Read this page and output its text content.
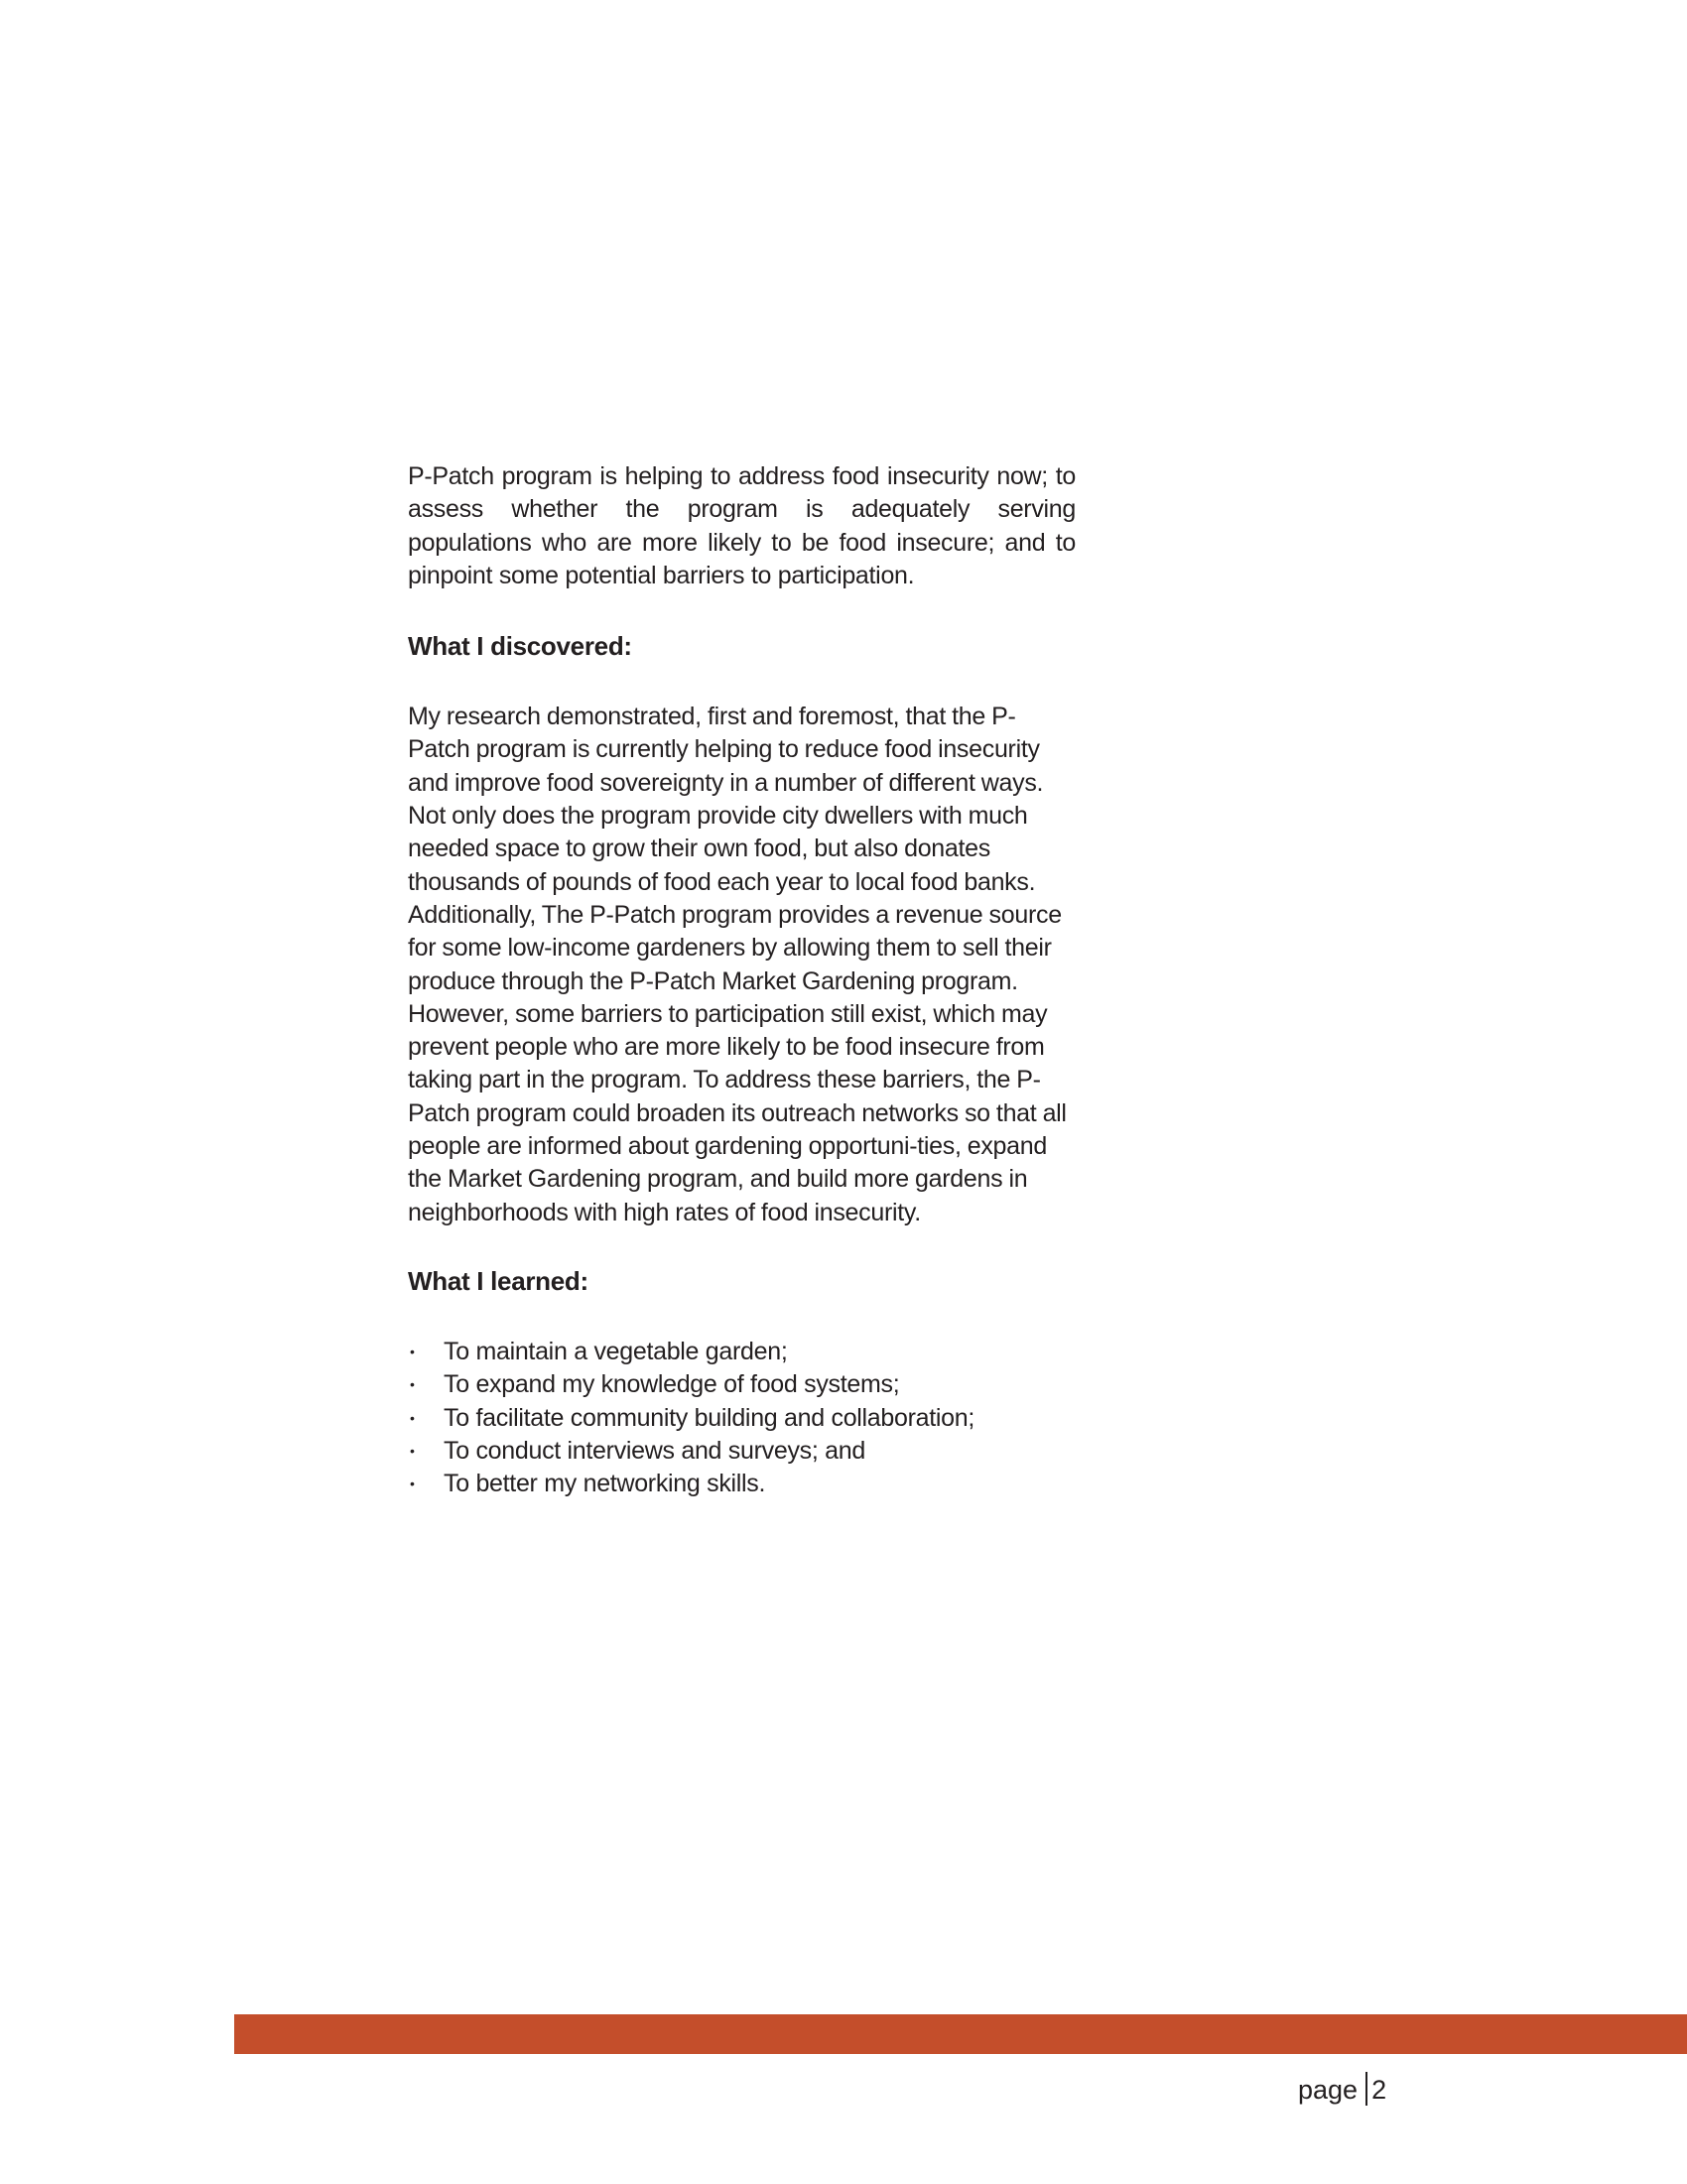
P-Patch program is helping to address food insecurity now; to assess whether the program is adequately serving populations who are more likely to be food insecure; and to pinpoint some potential barriers to participation.

What I discovered:

My research demonstrated, first and foremost, that the P-Patch program is currently helping to reduce food insecurity and improve food sovereignty in a number of different ways. Not only does the program provide city dwellers with much needed space to grow their own food, but also donates thousands of pounds of food each year to local food banks. Additionally, The P-Patch program provides a revenue source for some low-income gardeners by allowing them to sell their produce through the P-Patch Market Gardening program. However, some barriers to participation still exist, which may prevent people who are more likely to be food insecure from taking part in the program. To address these barriers, the P-Patch program could broaden its outreach networks so that all people are informed about gardening opportuni-ties, expand the Market Gardening program, and build more gardens in neighborhoods with high rates of food insecurity.

What I learned:
• To maintain a vegetable garden;
• To expand my knowledge of food systems;
• To facilitate community building and collaboration;
• To conduct interviews and surveys; and
• To better my networking skills.
page 2
